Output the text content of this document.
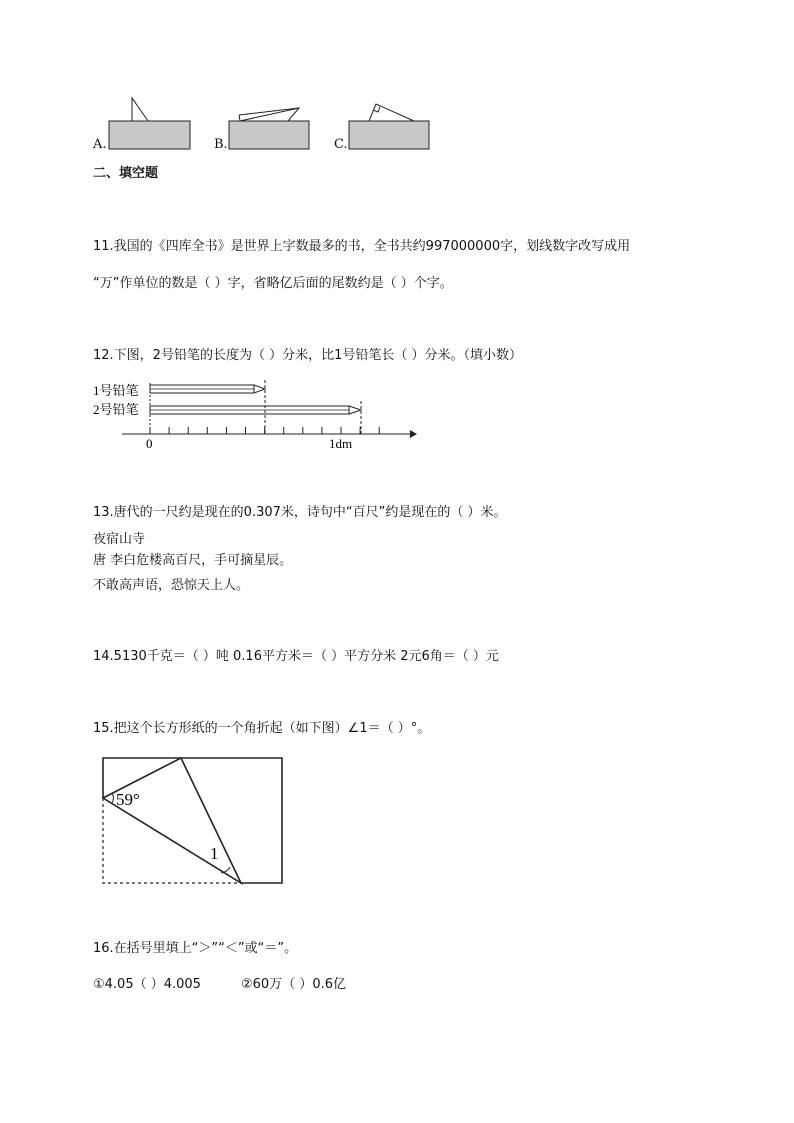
A.	B.	C.
二、填空题
11.我国的《四库全书》是世界上字数最多的书，全书共约997000000字，划线数字改写成用
“万”作单位的数是（ ）字，省略亿后面的尾数约是（ ）个字。
12.下图，2号铅笔的长度为（ ）分米，比1号铅笔长（ ）分米。（填小数）
1号铅笔
2号铅笔
0	1dm
13.唐代的一尺约是现在的0.307米，诗句中“百尺”约是现在的（ ）米。
夜宿山寺
唐 李白危楼高百尺，手可摘星辰。
不敢高声语，恐惊天上人。
14.5130千克＝（ ）吨 0.16平方米＝（ ）平方分米 2元6角＝（ ）元
15.把这个长方形纸的一个角折起（如下图）∠1＝（ ）°。
59°
1
16.在括号里填上“＞”“＜”或“＝”。
①4.05（ ）4.005	②60万（ ）0.6亿
